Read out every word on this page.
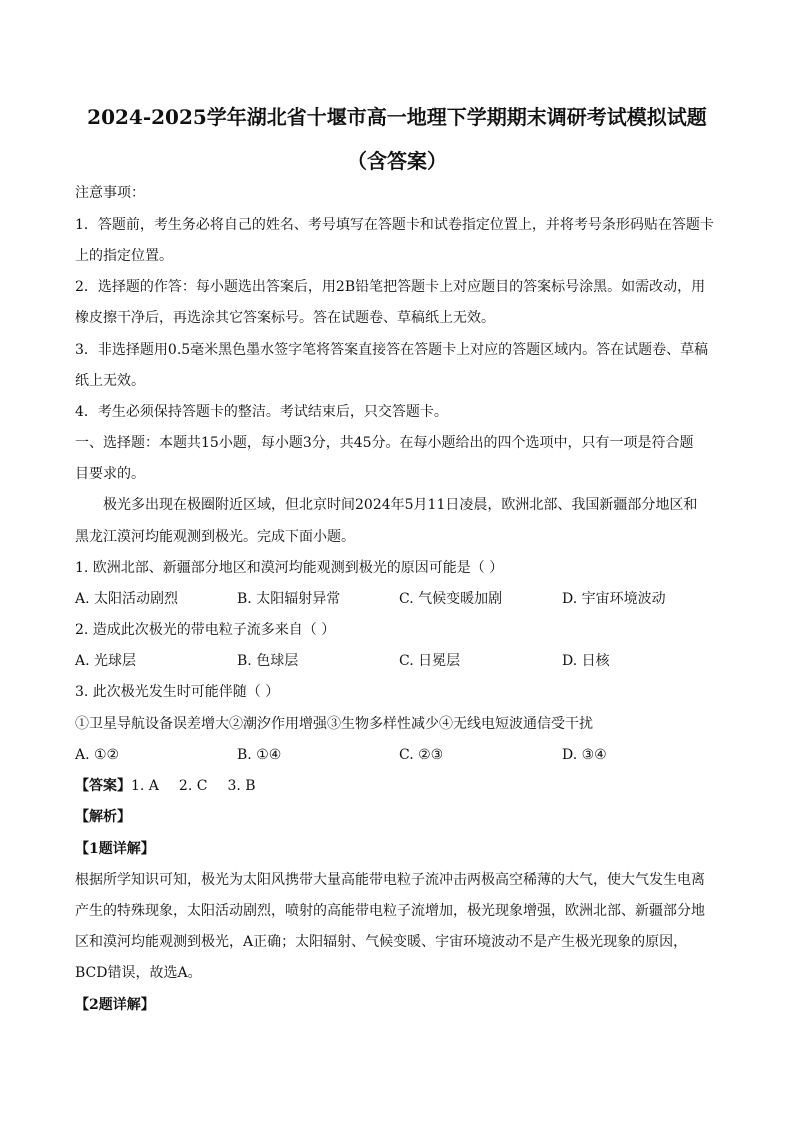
2024-2025学年湖北省十堰市高一地理下学期期末调研考试模拟试题
（含答案）
注意事项：
1．答题前，考生务必将自己的姓名、考号填写在答题卡和试卷指定位置上，并将考号条形码贴在答题卡
上的指定位置。
2．选择题的作答：每小题选出答案后，用2B铅笔把答题卡上对应题目的答案标号涂黑。如需改动，用
橡皮擦干净后，再选涂其它答案标号。答在试题卷、草稿纸上无效。
3．非选择题用0.5毫米黑色墨水签字笔将答案直接答在答题卡上对应的答题区域内。答在试题卷、草稿
纸上无效。
4．考生必须保持答题卡的整洁。考试结束后，只交答题卡。
一、选择题：本题共15小题，每小题3分，共45分。在每小题给出的四个选项中，只有一项是符合题
目要求的。
极光多出现在极圈附近区域，但北京时间2024年5月11日凌晨，欧洲北部、我国新疆部分地区和
黑龙江漠河均能观测到极光。完成下面小题。
1. 欧洲北部、新疆部分地区和漠河均能观测到极光的原因可能是（ ）
A. 太阳活动剧烈	B. 太阳辐射异常	C. 气候变暖加剧	D. 宇宙环境波动
2. 造成此次极光的带电粒子流多来自（ ）
A. 光球层	B. 色球层	C. 日冕层	D. 日核
3. 此次极光发生时可能伴随（ ）
①卫星导航设备误差增大②潮汐作用增强③生物多样性减少④无线电短波通信受干扰
A. ①②	B. ①④	C. ②③	D. ③④
【答案】1. A 2. C 3. B
【解析】
【1题详解】
根据所学知识可知，极光为太阳风携带大量高能带电粒子流冲击两极高空稀薄的大气，使大气发生电离
产生的特殊现象，太阳活动剧烈，喷射的高能带电粒子流增加，极光现象增强，欧洲北部、新疆部分地
区和漠河均能观测到极光，A正确；太阳辐射、气候变暖、宇宙环境波动不是产生极光现象的原因，
BCD错误，故选A。
【2题详解】
